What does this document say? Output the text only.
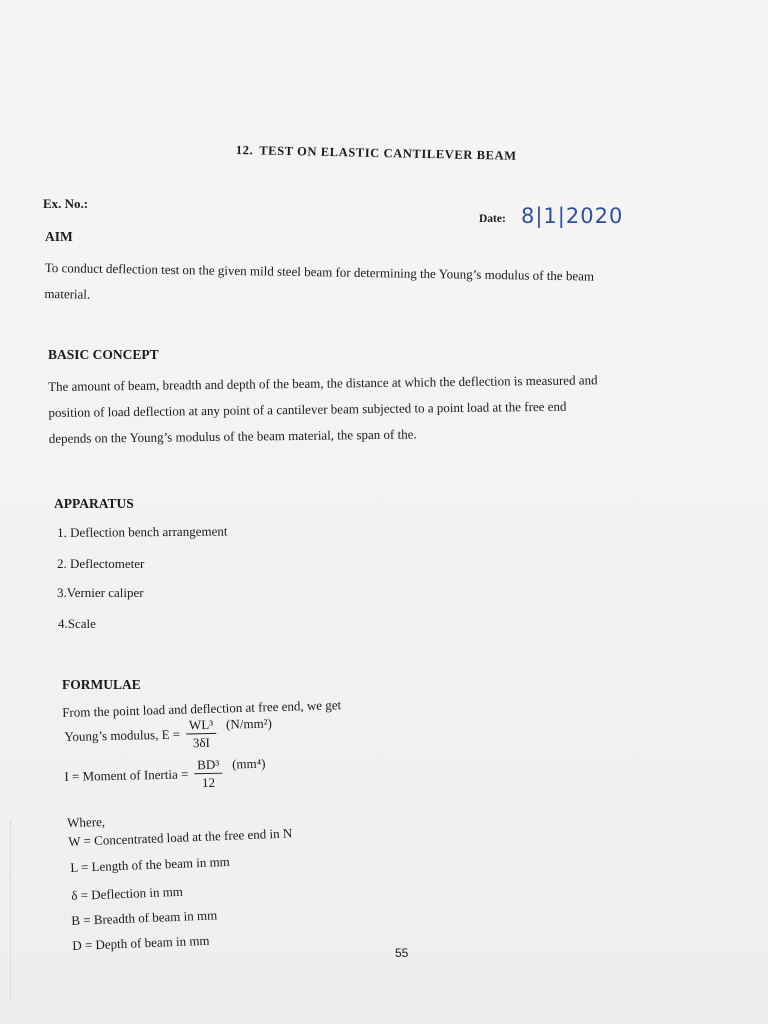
12. TEST ON ELASTIC CANTILEVER BEAM
Ex. No.:
Date: 8|1|2020
AIM
To conduct deflection test on the given mild steel beam for determining the Young’s modulus of the beam
material.
BASIC CONCEPT
The amount of beam, breadth and depth of the beam, the distance at which the deflection is measured and
position of load deflection at any point of a cantilever beam subjected to a point load at the free end
depends on the Young’s modulus of the beam material, the span of the.
APPARATUS
1. Deflection bench arrangement
2. Deflectometer
3.Vernier caliper
4.Scale
FORMULAE
From the point load and deflection at free end, we get
Young’s modulus, $E = \frac{\text{WL³}}{3\delta I} (N/mm^2)$
I = Moment of Inertia = $\frac{\text{BD³}}{12} (mm^4)$
Where,
W = Concentrated load at the free end in N
L = Length of the beam in mm
δ = Deflection in mm
B = Breadth of beam in mm
D = Depth of beam in mm
55
